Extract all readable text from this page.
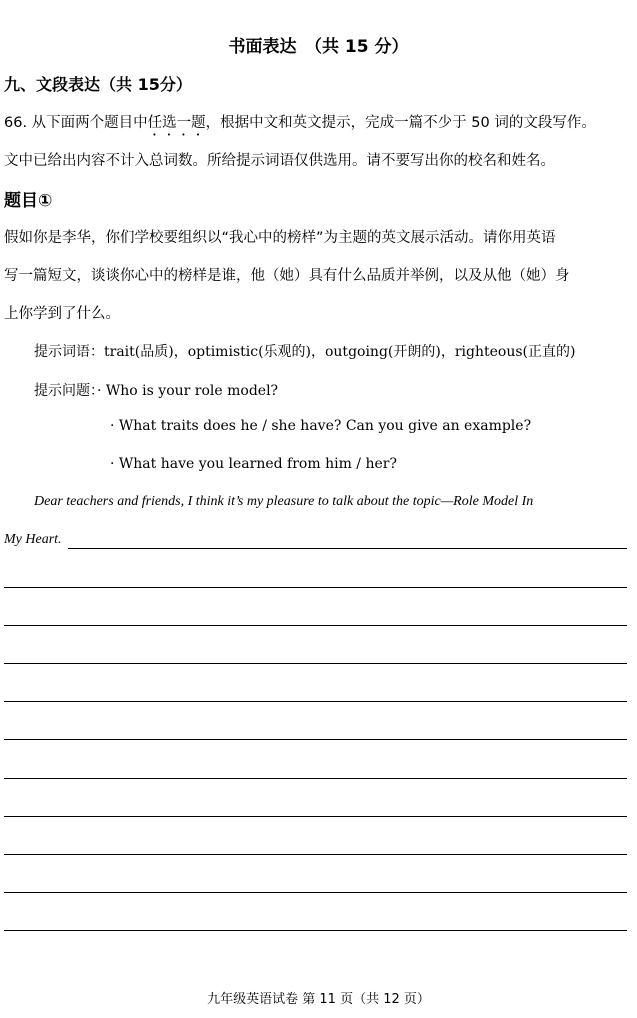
书面表达　（共 15 分）
九、文段表达（共 15分）
66. 从下面两个题目中任选一题，根据中文和英文提示，完成一篇不少于 50 词的文段写作。
文中已给出内容不计入总词数。所给提示词语仅供选用。请不要写出你的校名和姓名。
题目①
假如你是李华，你们学校要组织以“我心中的榜样”为主题的英文展示活动。请你用英语
写一篇短文，谈谈你心中的榜样是谁，他（她）具有什么品质并举例，以及从他（她）身
上你学到了什么。
提示词语：trait(品质)，optimistic(乐观的)，outgoing(开朗的)，righteous(正直的)
提示问题：· Who is your role model?
· What traits does he / she have? Can you give an example?
· What have you learned from him / her?
Dear teachers and friends, I think it’s my pleasure to talk about the topic—Role Model In
My Heart.
九年级英语试卷 第 11 页（共 12 页）
